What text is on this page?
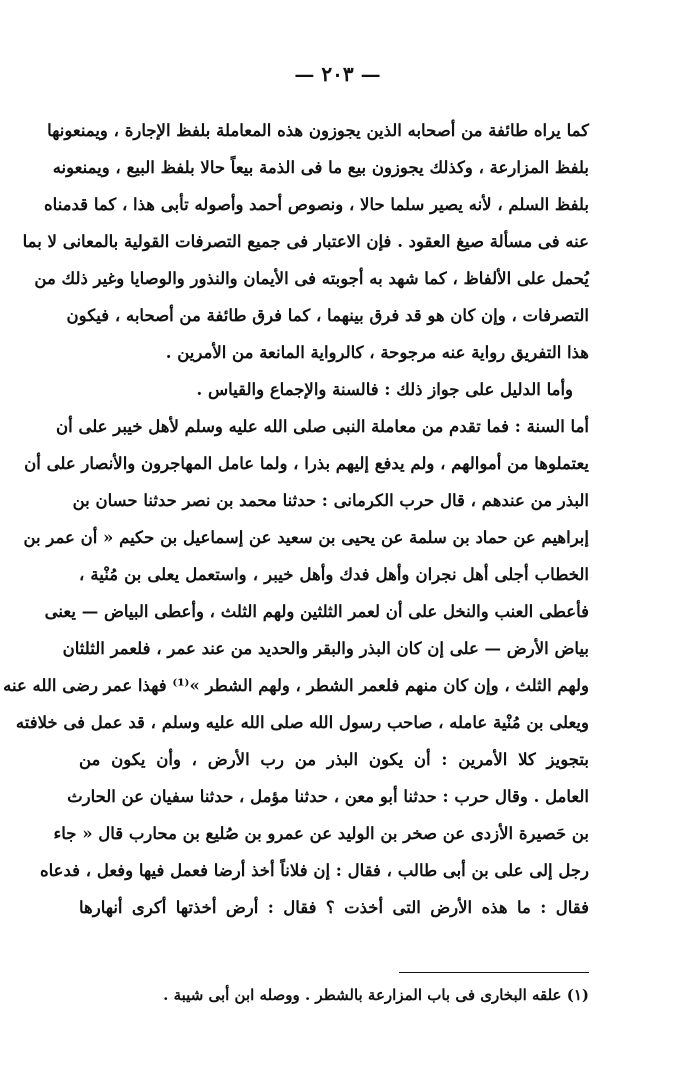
— ٢٠٣ —
كما يراه طائفة من أصحابه الذين يجوزون هذه المعاملة بلفظ الإجارة ، ويمنعونها
بلفظ المزارعة ، وكذلك يجوزون بيع ما فى الذمة بيعاً حالا بلفظ البيع ، ويمنعونه
بلفظ السلم ، لأنه يصير سلما حالا ، ونصوص أحمد وأصوله تأبى هذا ، كما قدمناه
عنه فى مسألة صيغ العقود . فإن الاعتبار فى جميع التصرفات القولية بالمعانى لا بما
يُحمل على الألفاظ ، كما شهد به أجوبته فى الأيمان والنذور والوصايا وغير ذلك من
التصرفات ، وإن كان هو قد فرق بينهما ، كما فرق طائفة من أصحابه ، فيكون
هذا التفريق رواية عنه مرجوحة ، كالرواية المانعة من الأمرين .
وأما الدليل على جواز ذلك : فالسنة والإجماع والقياس .
أما السنة : فما تقدم من معاملة النبى صلى الله عليه وسلم لأهل خيبر على أن
يعتملوها من أموالهم ، ولم يدفع إليهم بذرا ، ولما عامل المهاجرون والأنصار على أن
البذر من عندهم ، قال حرب الكرمانى : حدثنا محمد بن نصر حدثنا حسان بن
إبراهيم عن حماد بن سلمة عن يحيى بن سعيد عن إسماعيل بن حكيم « أن عمر بن
الخطاب أجلى أهل نجران وأهل فدك وأهل خيبر ، واستعمل يعلى بن مُنْية ،
فأعطى العنب والنخل على أن لعمر الثلثين ولهم الثلث ، وأعطى البياض — يعنى
بياض الأرض — على إن كان البذر والبقر والحديد من عند عمر ، فلعمر الثلثان
ولهم الثلث ، وإن كان منهم فلعمر الشطر ، ولهم الشطر »⁽¹⁾ فهذا عمر رضى الله عنه
ويعلى بن مُنْية عامله ، صاحب رسول الله صلى الله عليه وسلم ، قد عمل فى خلافته
بتجويز كلا الأمرين : أن يكون البذر من رب الأرض ، وأن يكون من
العامل . وقال حرب : حدثنا أبو معن ، حدثنا مؤمل ، حدثنا سفيان عن الحارث
بن حَصيرة الأزدى عن صخر بن الوليد عن عمرو بن صُليع بن محارب قال « جاء
رجل إلى على بن أبى طالب ، فقال : إن فلاناً أخذ أرضا فعمل فيها وفعل ، فدعاه
فقال : ما هذه الأرض التى أخذت ؟ فقال : أرض أخذتها أكرى أنهارها
(١) علقه البخارى فى باب المزارعة بالشطر . ووصله ابن أبى شيبة .
